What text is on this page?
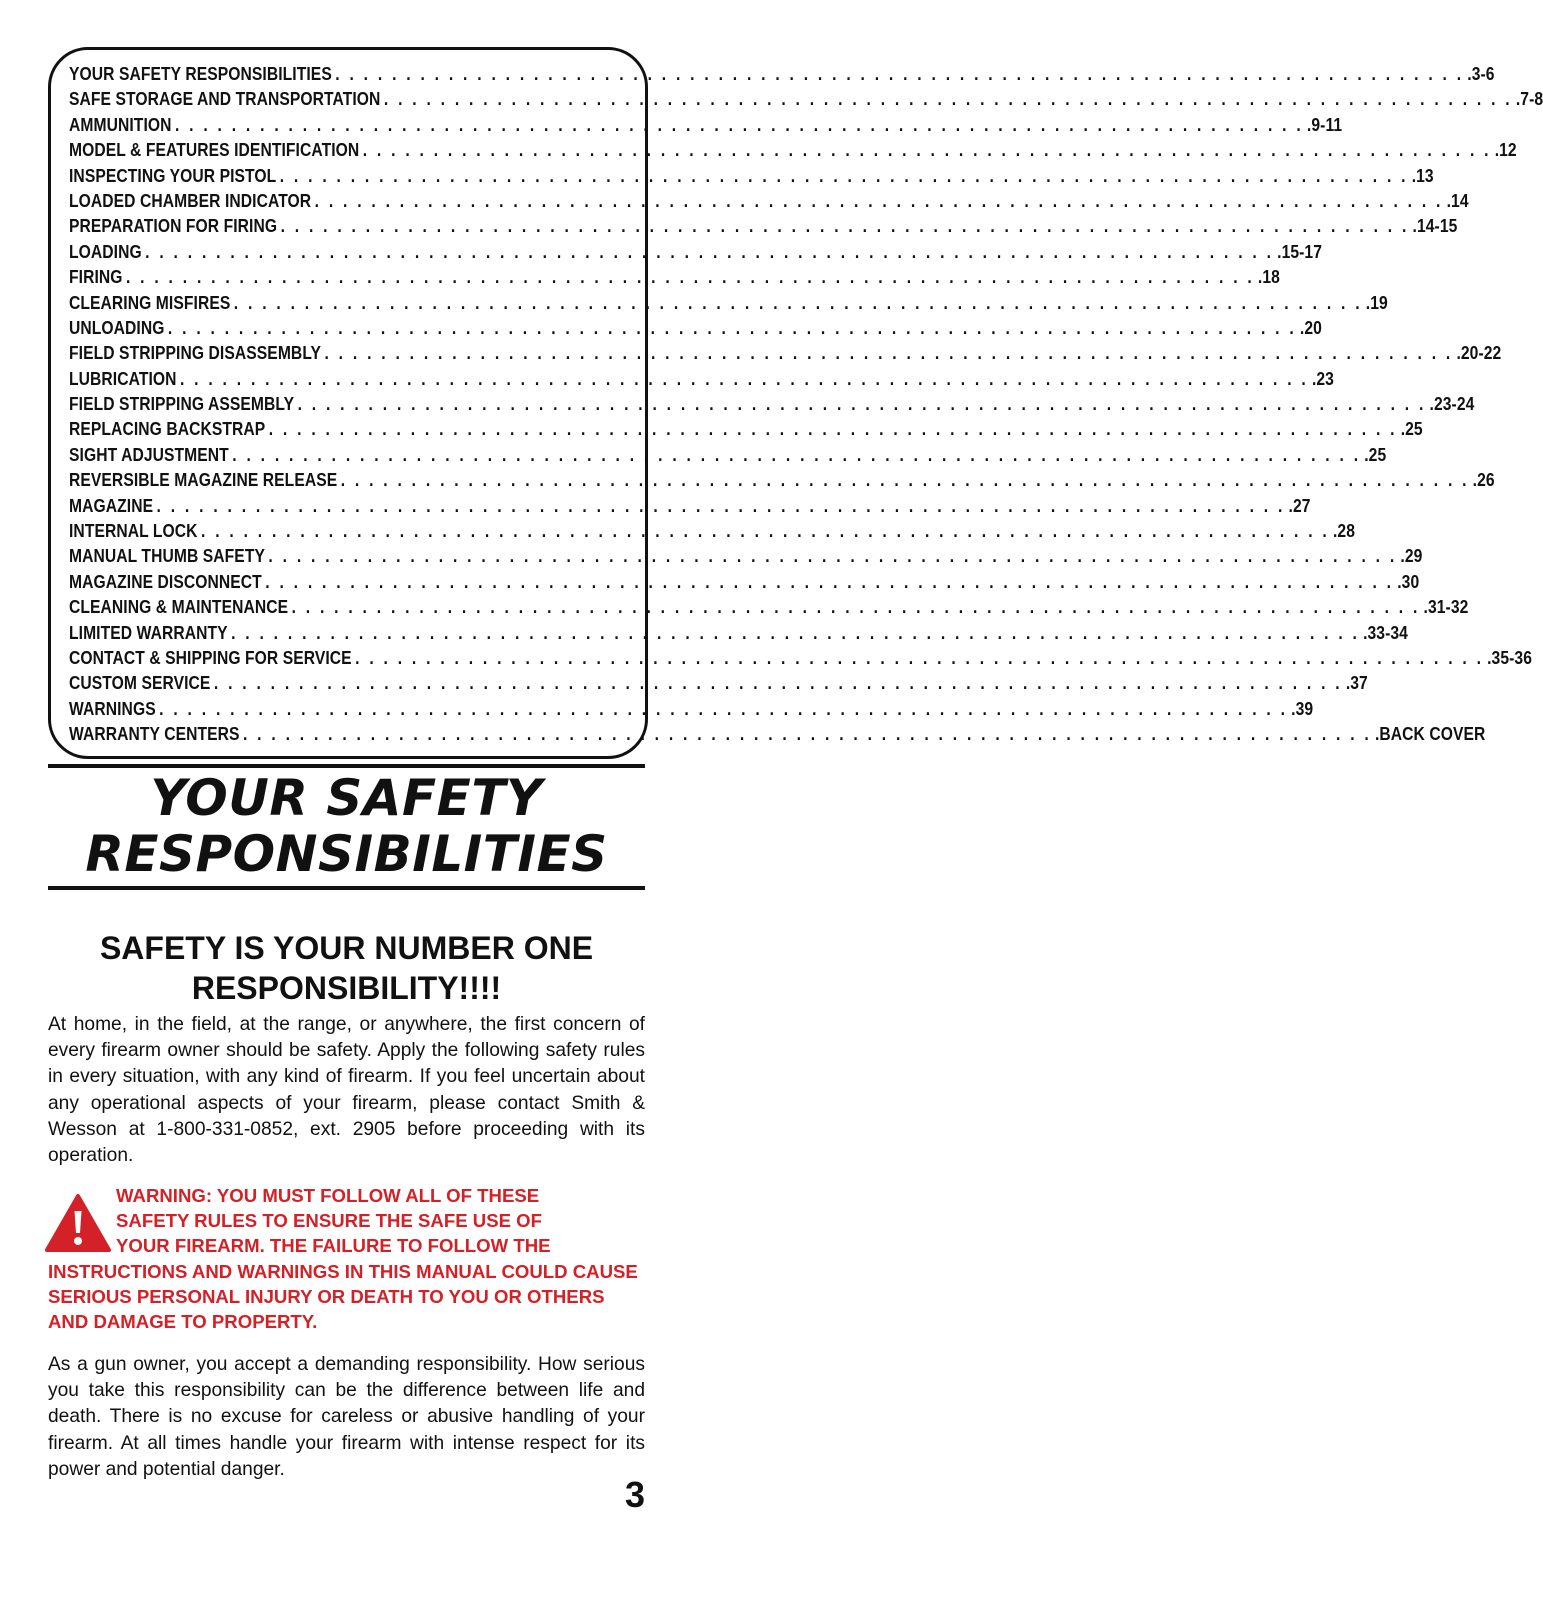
YOUR SAFETY RESPONSIBILITIES . . . . . . . . . . . . . . . . . . . . . . . . . . . . . . . . . . . . . . . . . . . . . . . . . . . . . . . . . . . . . . . . . . . . . . . . . . . . . . . . .3-6
SAFE STORAGE AND TRANSPORTATION . . . . . . . . . . . . . . . . . . . . . . . . . . . . . . . . . . . . . . . . . . . . . . . . . . . . . . . . . . . . . . . . . . . . . . . . . . . . . . . . .7-8
AMMUNITION . . . . . . . . . . . . . . . . . . . . . . . . . . . . . . . . . . . . . . . . . . . . . . . . . . . . . . . . . . . . . . . . . . . . . . . . . . . . . . . . .9-11
MODEL & FEATURES IDENTIFICATION . . . . . . . . . . . . . . . . . . . . . . . . . . . . . . . . . . . . . . . . . . . . . . . . . . . . . . . . . . . . . . . . . . . . . . . . . . . . . . . . .12
INSPECTING YOUR PISTOL . . . . . . . . . . . . . . . . . . . . . . . . . . . . . . . . . . . . . . . . . . . . . . . . . . . . . . . . . . . . . . . . . . . . . . . . . . . . . . . . .13
LOADED CHAMBER INDICATOR . . . . . . . . . . . . . . . . . . . . . . . . . . . . . . . . . . . . . . . . . . . . . . . . . . . . . . . . . . . . . . . . . . . . . . . . . . . . . . . . .14
PREPARATION FOR FIRING . . . . . . . . . . . . . . . . . . . . . . . . . . . . . . . . . . . . . . . . . . . . . . . . . . . . . . . . . . . . . . . . . . . . . . . . . . . . . . . . .14-15
LOADING . . . . . . . . . . . . . . . . . . . . . . . . . . . . . . . . . . . . . . . . . . . . . . . . . . . . . . . . . . . . . . . . . . . . . . . . . . . . . . . . .15-17
FIRING . . . . . . . . . . . . . . . . . . . . . . . . . . . . . . . . . . . . . . . . . . . . . . . . . . . . . . . . . . . . . . . . . . . . . . . . . . . . . . . . .18
CLEARING MISFIRES . . . . . . . . . . . . . . . . . . . . . . . . . . . . . . . . . . . . . . . . . . . . . . . . . . . . . . . . . . . . . . . . . . . . . . . . . . . . . . . . .19
UNLOADING . . . . . . . . . . . . . . . . . . . . . . . . . . . . . . . . . . . . . . . . . . . . . . . . . . . . . . . . . . . . . . . . . . . . . . . . . . . . . . . . .20
FIELD STRIPPING DISASSEMBLY . . . . . . . . . . . . . . . . . . . . . . . . . . . . . . . . . . . . . . . . . . . . . . . . . . . . . . . . . . . . . . . . . . . . . . . . . . . . . . . . .20-22
LUBRICATION . . . . . . . . . . . . . . . . . . . . . . . . . . . . . . . . . . . . . . . . . . . . . . . . . . . . . . . . . . . . . . . . . . . . . . . . . . . . . . . . .23
FIELD STRIPPING ASSEMBLY . . . . . . . . . . . . . . . . . . . . . . . . . . . . . . . . . . . . . . . . . . . . . . . . . . . . . . . . . . . . . . . . . . . . . . . . . . . . . . . . .23-24
REPLACING BACKSTRAP . . . . . . . . . . . . . . . . . . . . . . . . . . . . . . . . . . . . . . . . . . . . . . . . . . . . . . . . . . . . . . . . . . . . . . . . . . . . . . . . .25
SIGHT ADJUSTMENT . . . . . . . . . . . . . . . . . . . . . . . . . . . . . . . . . . . . . . . . . . . . . . . . . . . . . . . . . . . . . . . . . . . . . . . . . . . . . . . . .25
REVERSIBLE MAGAZINE RELEASE . . . . . . . . . . . . . . . . . . . . . . . . . . . . . . . . . . . . . . . . . . . . . . . . . . . . . . . . . . . . . . . . . . . . . . . . . . . . . . . . .26
MAGAZINE . . . . . . . . . . . . . . . . . . . . . . . . . . . . . . . . . . . . . . . . . . . . . . . . . . . . . . . . . . . . . . . . . . . . . . . . . . . . . . . . .27
INTERNAL LOCK . . . . . . . . . . . . . . . . . . . . . . . . . . . . . . . . . . . . . . . . . . . . . . . . . . . . . . . . . . . . . . . . . . . . . . . . . . . . . . . . .28
MANUAL THUMB SAFETY . . . . . . . . . . . . . . . . . . . . . . . . . . . . . . . . . . . . . . . . . . . . . . . . . . . . . . . . . . . . . . . . . . . . . . . . . . . . . . . . .29
MAGAZINE DISCONNECT . . . . . . . . . . . . . . . . . . . . . . . . . . . . . . . . . . . . . . . . . . . . . . . . . . . . . . . . . . . . . . . . . . . . . . . . . . . . . . . . .30
CLEANING & MAINTENANCE . . . . . . . . . . . . . . . . . . . . . . . . . . . . . . . . . . . . . . . . . . . . . . . . . . . . . . . . . . . . . . . . . . . . . . . . . . . . . . . . .31-32
LIMITED WARRANTY . . . . . . . . . . . . . . . . . . . . . . . . . . . . . . . . . . . . . . . . . . . . . . . . . . . . . . . . . . . . . . . . . . . . . . . . . . . . . . . . .33-34
CONTACT & SHIPPING FOR SERVICE . . . . . . . . . . . . . . . . . . . . . . . . . . . . . . . . . . . . . . . . . . . . . . . . . . . . . . . . . . . . . . . . . . . . . . . . . . . . . . . . .35-36
CUSTOM SERVICE . . . . . . . . . . . . . . . . . . . . . . . . . . . . . . . . . . . . . . . . . . . . . . . . . . . . . . . . . . . . . . . . . . . . . . . . . . . . . . . . .37
WARNINGS . . . . . . . . . . . . . . . . . . . . . . . . . . . . . . . . . . . . . . . . . . . . . . . . . . . . . . . . . . . . . . . . . . . . . . . . . . . . . . . . .39
WARRANTY CENTERS . . . . . . . . . . . . . . . . . . . . . . . . . . . . . . . . . . . . . . . . . . . . . . . . . . . . . . . . . . . . . . . . . . . . . . . . . . . . . . . . .BACK COVER
YOUR SAFETY
RESPONSIBILITIES
SAFETY IS YOUR NUMBER ONE
RESPONSIBILITY!!!!

At home, in the field, at the range, or anywhere, the first concern of every firearm owner should be safety. Apply the following safety rules in every situation, with any kind of firearm. If you feel uncertain about any operational aspects of your firearm, please contact Smith & Wesson at 1-800-331-0852, ext. 2905 before proceeding with its operation.

WARNING: YOU MUST FOLLOW ALL OF THESE
SAFETY RULES TO ENSURE THE SAFE USE OF
YOUR FIREARM. THE FAILURE TO FOLLOW THE
INSTRUCTIONS AND WARNINGS IN THIS MANUAL COULD CAUSE SERIOUS PERSONAL INJURY OR DEATH TO YOU OR OTHERS AND DAMAGE TO PROPERTY.

As a gun owner, you accept a demanding responsibility. How serious you take this responsibility can be the difference between life and death. There is no excuse for careless or abusive handling of your firearm. At all times handle your firearm with intense respect for its power and potential danger.

3
